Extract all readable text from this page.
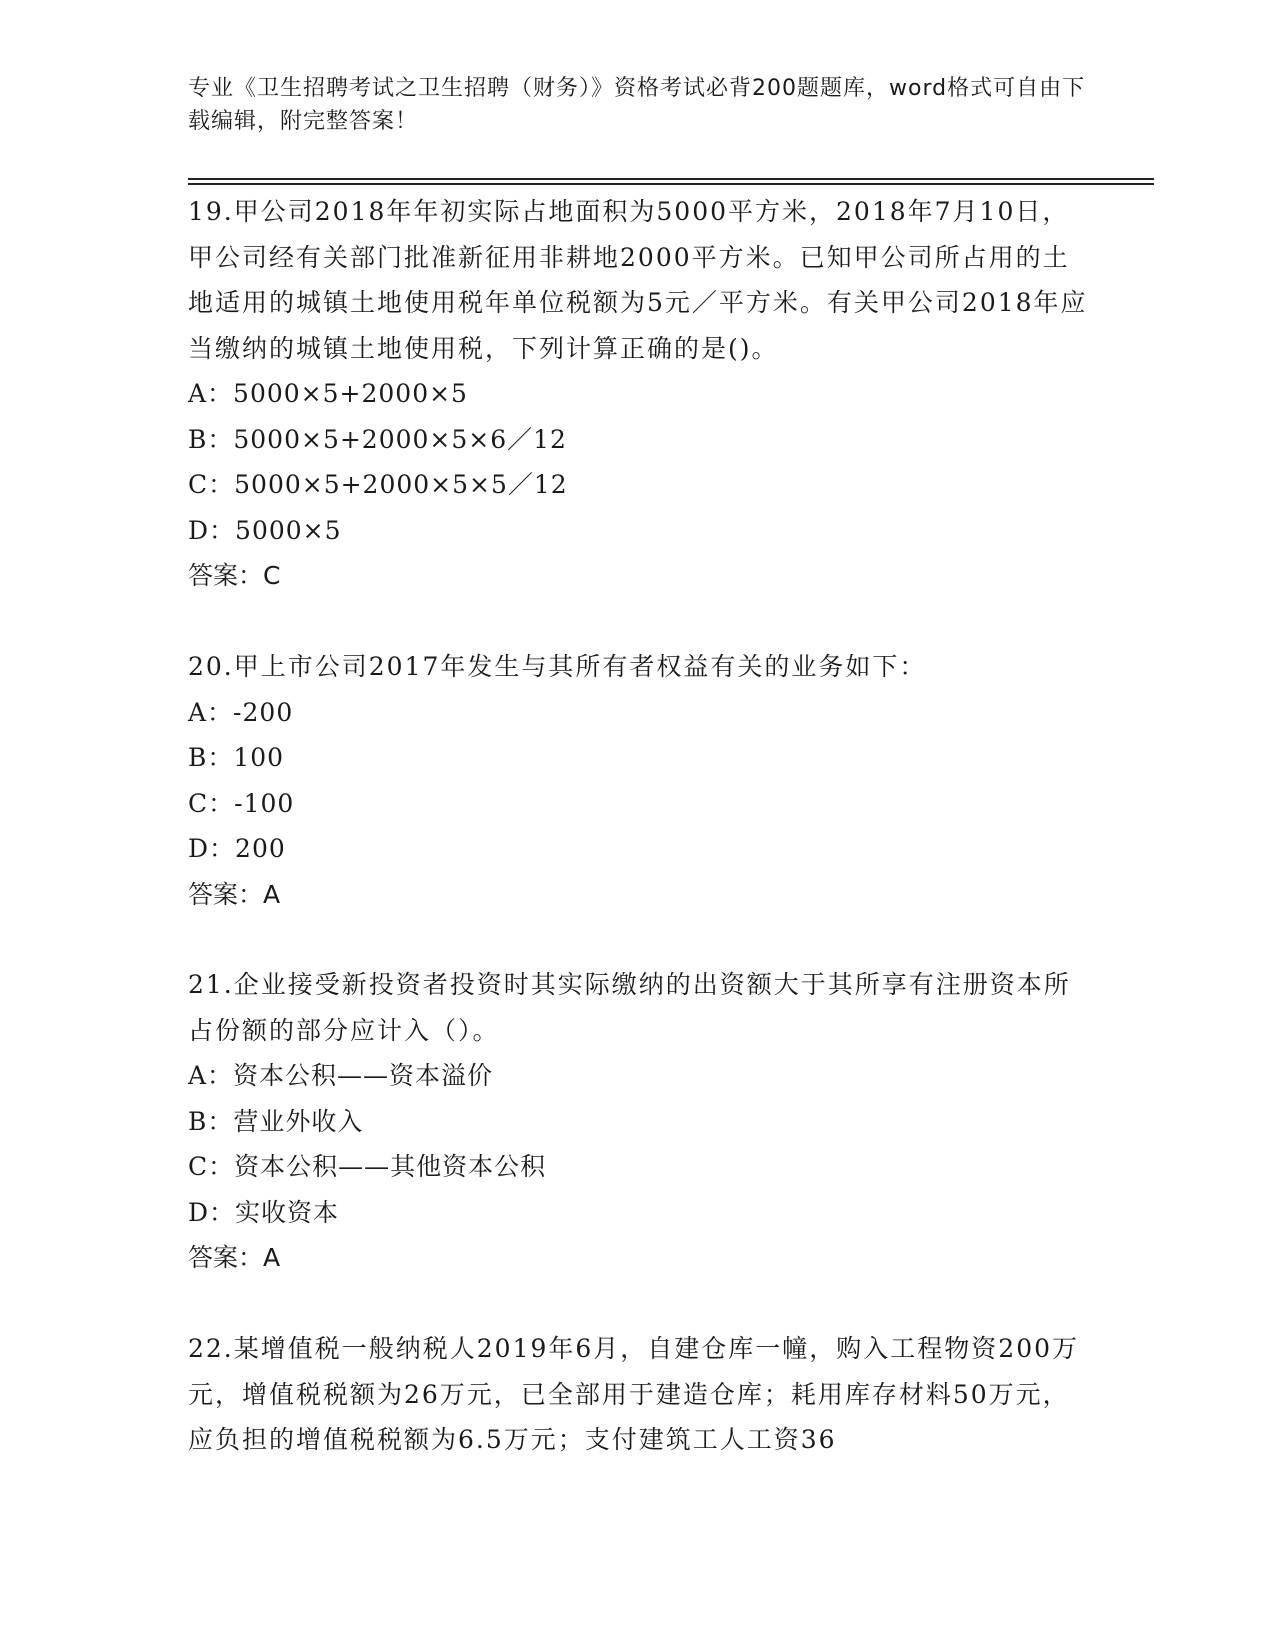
专业《卫生招聘考试之卫生招聘（财务）》资格考试必背200题题库，word格式可自由下载编辑，附完整答案！

19.甲公司2018年年初实际占地面积为5000平方米，2018年7月10日，甲公司经有关部门批准新征用非耕地2000平方米。已知甲公司所占用的土地适用的城镇土地使用税年单位税额为5元／平方米。有关甲公司2018年应当缴纳的城镇土地使用税，下列计算正确的是()。

A：5000×5+2000×5

B：5000×5+2000×5×6／12

C：5000×5+2000×5×5／12

D：5000×5

答案：C

20.甲上市公司2017年发生与其所有者权益有关的业务如下：

A：-200

B：100

C：-100

D：200

答案：A

21.企业接受新投资者投资时其实际缴纳的出资额大于其所享有注册资本所占份额的部分应计入（）。

A：资本公积——资本溢价

B：营业外收入

C：资本公积——其他资本公积

D：实收资本

答案：A

22.某增值税一般纳税人2019年6月，自建仓库一幢，购入工程物资200万元，增值税税额为26万元，已全部用于建造仓库；耗用库存材料50万元，应负担的增值税税额为6.5万元；支付建筑工人工资36
